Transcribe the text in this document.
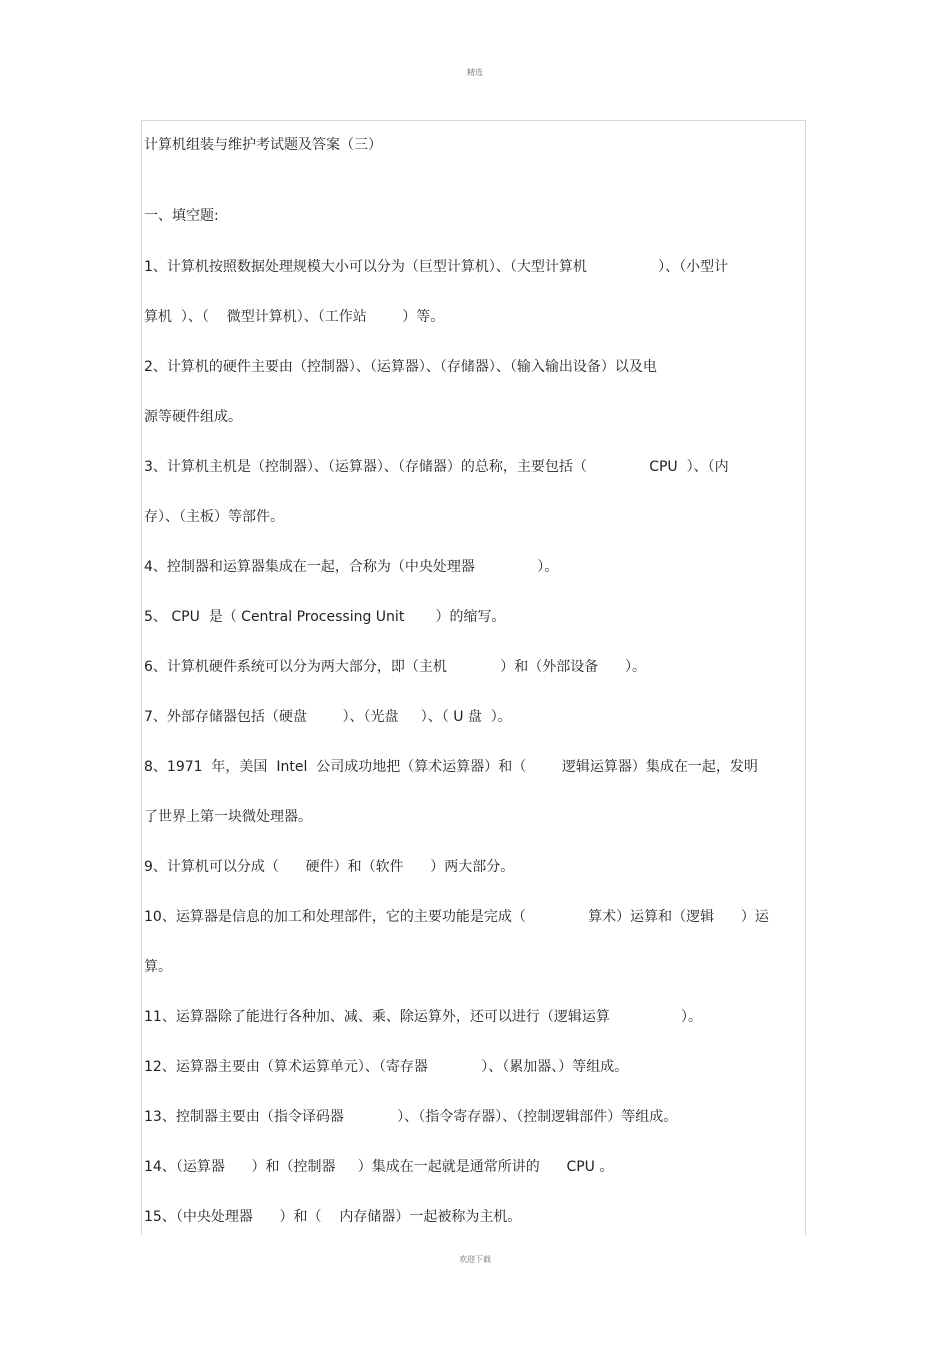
精选
计算机组装与维护考试题及答案（三）
一、填空题:
1、计算机按照数据处理规模大小可以分为（巨型计算机）、（大型计算机                ）、（小型计
算机  ）、（    微型计算机）、（工作站        ）等。
2、计算机的硬件主要由（控制器）、（运算器）、（存储器）、（输入输出设备）以及电
源等硬件组成。
3、计算机主机是（控制器）、（运算器）、（存储器）的总称，主要包括（              CPU  ）、（内
存）、（主板）等部件。
4、控制器和运算器集成在一起，合称为（中央处理器              ）。
5、 CPU  是（ Central Processing Unit       ）的缩写。
6、计算机硬件系统可以分为两大部分，即（主机            ）和（外部设备      ）。
7、外部存储器包括（硬盘        ）、（光盘     ）、（ U 盘  ）。
8、1971  年，美国  Intel  公司成功地把（算术运算器）和（        逻辑运算器）集成在一起，发明
了世界上第一块微处理器。
9、计算机可以分成（      硬件）和（软件      ）两大部分。
10、运算器是信息的加工和处理部件，它的主要功能是完成（              算术）运算和（逻辑      ）运
算。
11、运算器除了能进行各种加、减、乘、除运算外，还可以进行（逻辑运算                ）。
12、运算器主要由（算术运算单元）、（寄存器            ）、（累加器、）等组成。
13、控制器主要由（指令译码器            ）、（指令寄存器）、（控制逻辑部件）等组成。
14、（运算器      ）和（控制器     ）集成在一起就是通常所讲的      CPU 。
15、（中央处理器      ）和（    内存储器）一起被称为主机。
欢迎下载
